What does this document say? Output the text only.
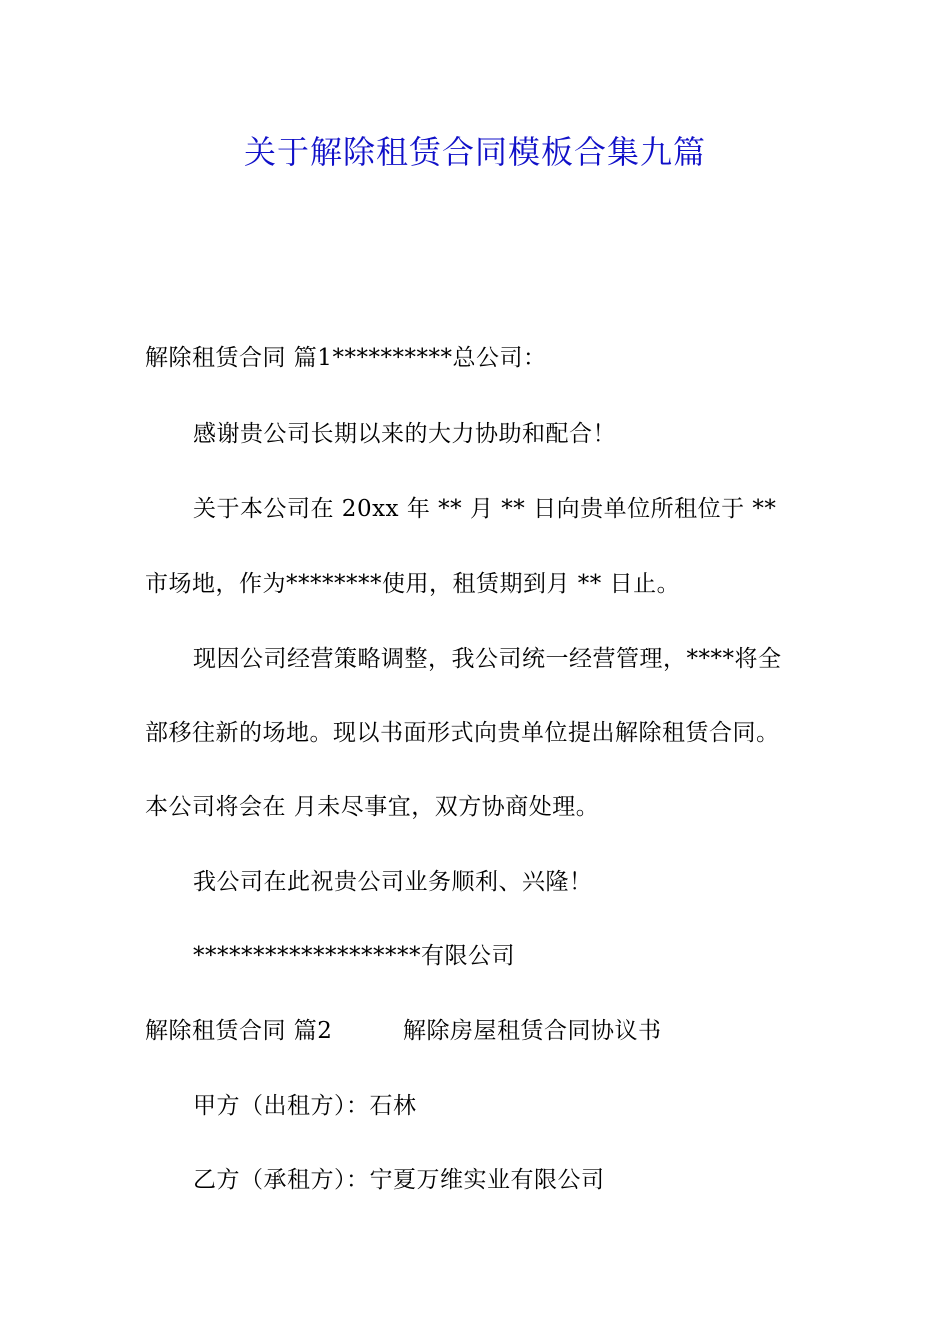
关于解除租赁合同模板合集九篇
解除租赁合同 篇1**********总公司：
感谢贵公司长期以来的大力协助和配合！
关于本公司在 20xx 年 ** 月 ** 日向贵单位所租位于 **
市场地，作为********使用，租赁期到月 ** 日止。
现因公司经营策略调整，我公司统一经营管理，****将全
部移往新的场地。现以书面形式向贵单位提出解除租赁合同。
本公司将会在 月未尽事宜，双方协商处理。
我公司在此祝贵公司业务顺利、兴隆！
*******************有限公司
解除租赁合同 篇2　　　解除房屋租赁合同协议书
甲方（出租方）：石林
乙方（承租方）：宁夏万维实业有限公司
